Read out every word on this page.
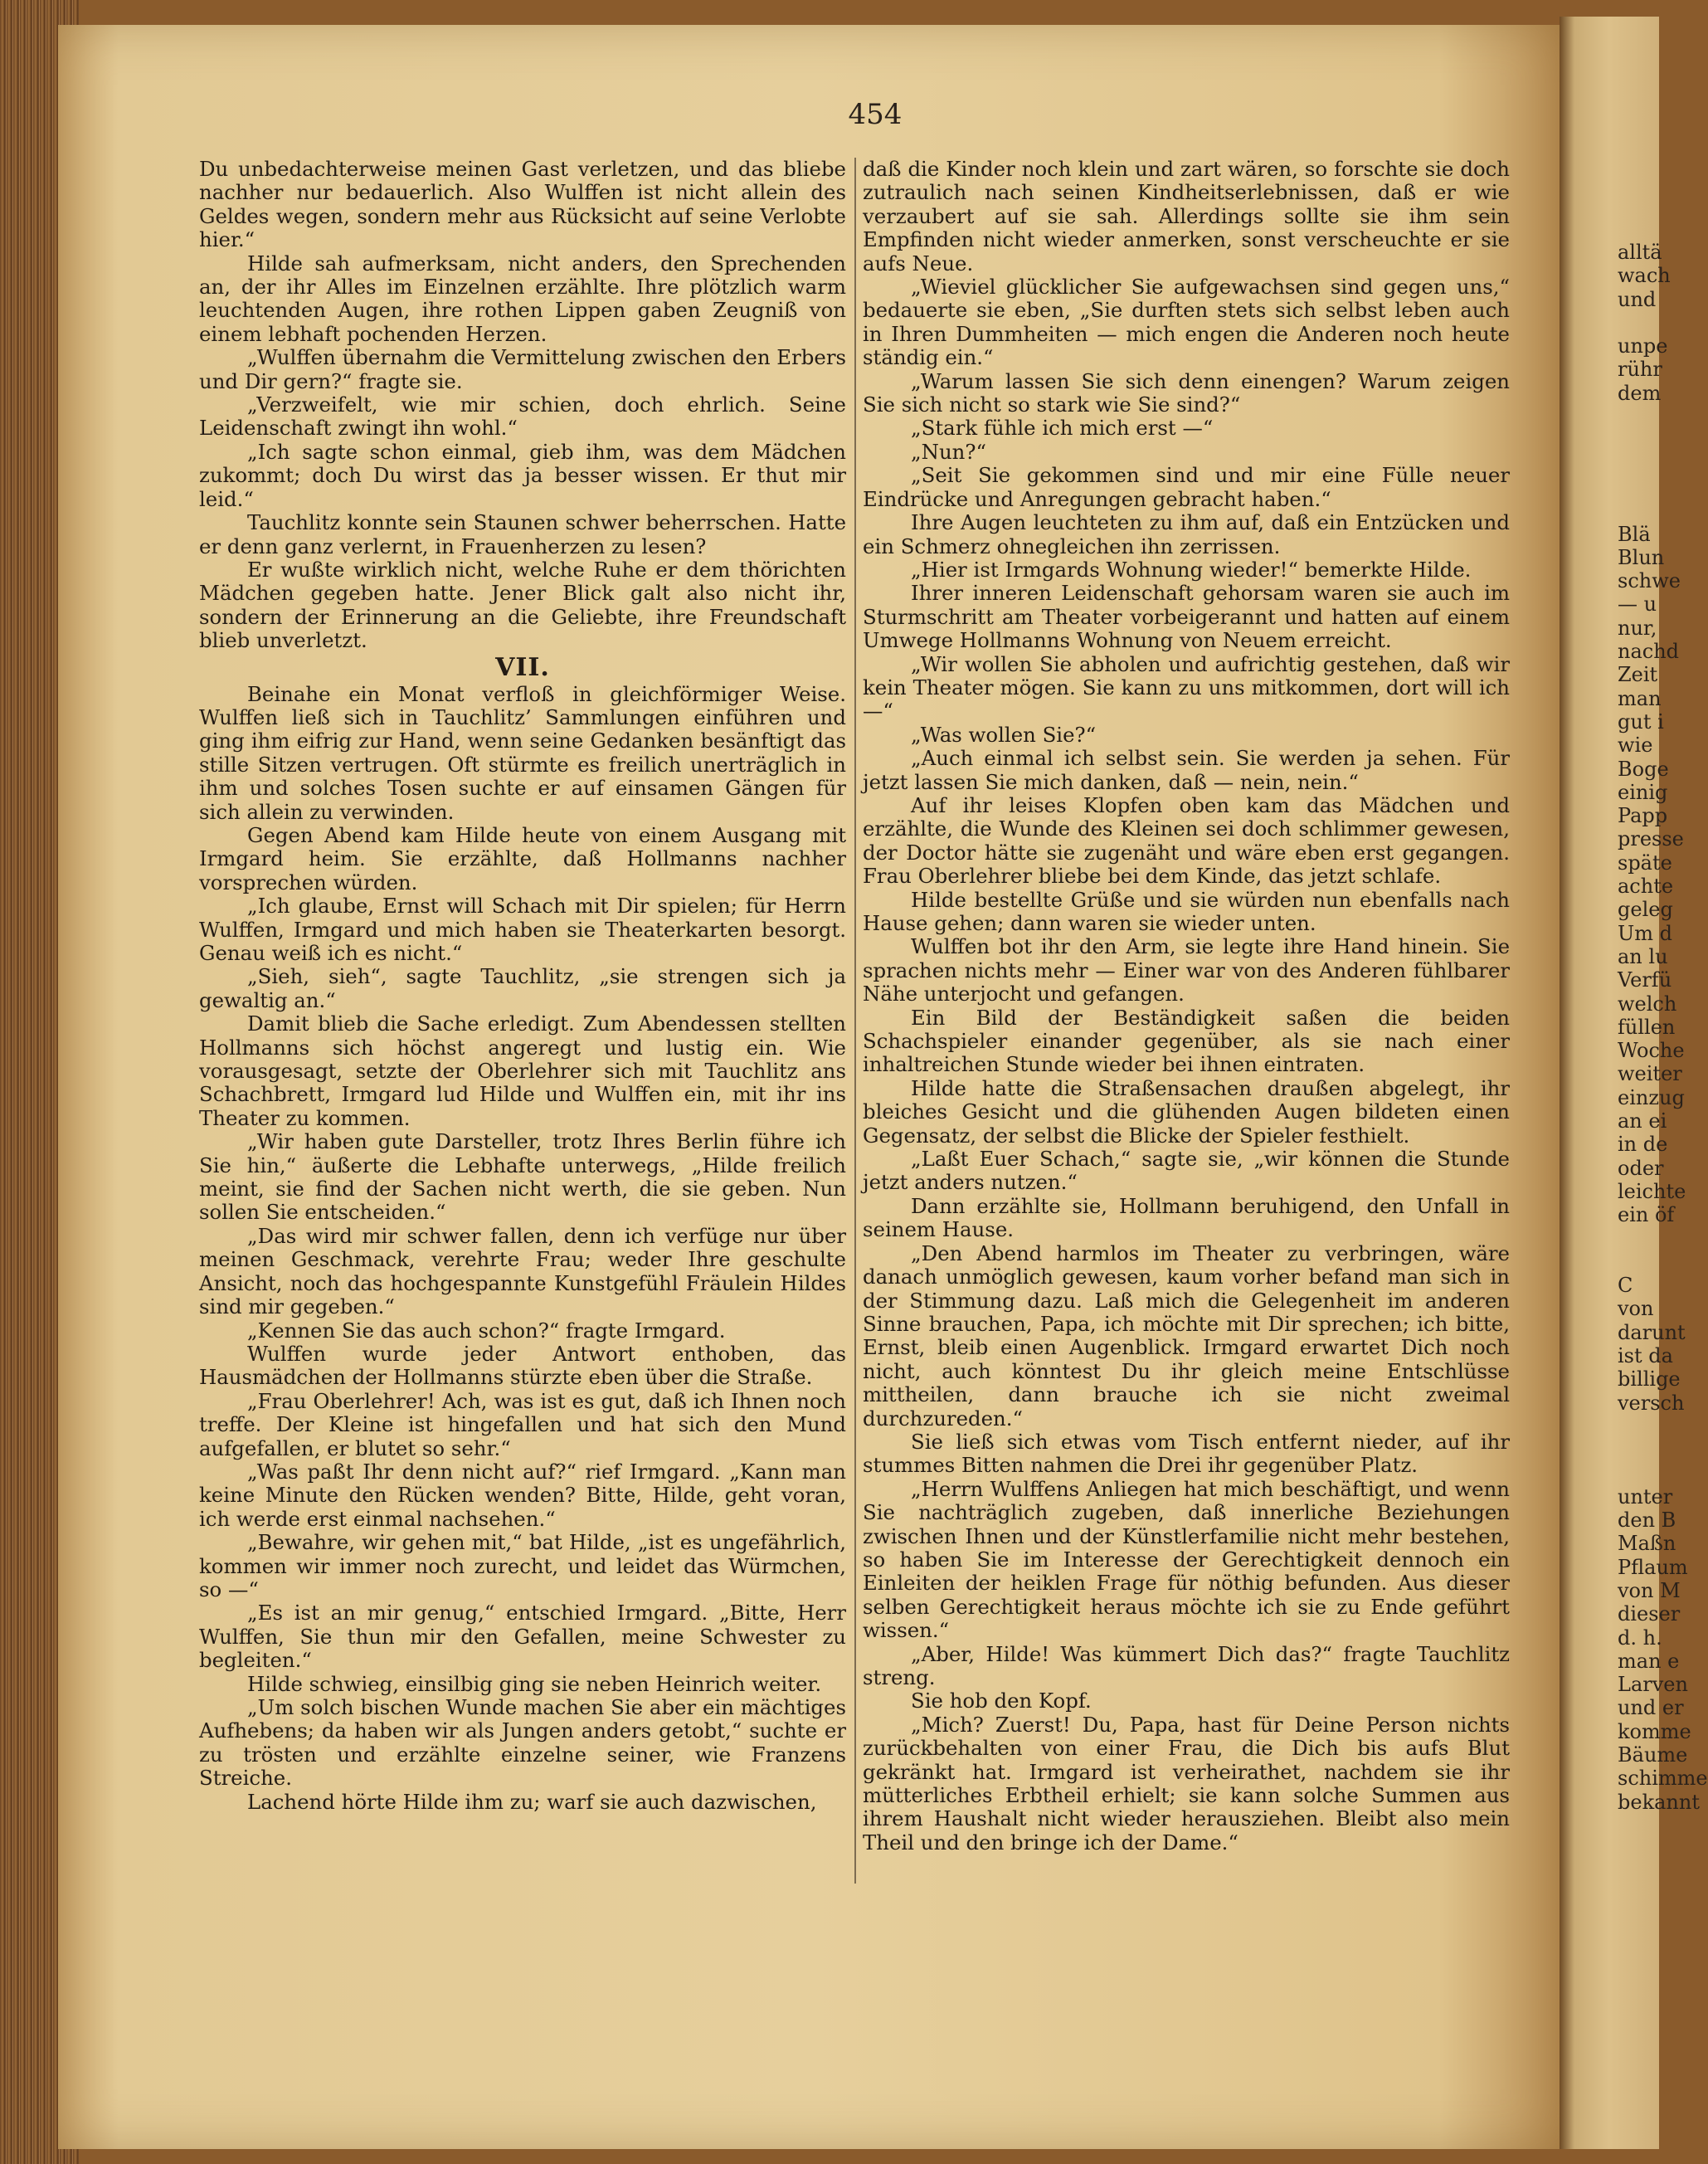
454

Du unbedachterweise meinen Gast verletzen, und das bliebe nachher nur bedauerlich. Also Wulffen ist nicht allein des Geldes wegen, sondern mehr aus Rücksicht auf seine Verlobte hier.“

Hilde sah aufmerksam, nicht anders, den Sprechenden an, der ihr Alles im Einzelnen erzählte. Ihre plötzlich warm leuchtenden Augen, ihre rothen Lippen gaben Zeugniß von einem lebhaft pochenden Herzen.

„Wulffen übernahm die Vermittelung zwischen den Erbers und Dir gern?“ fragte sie.

„Verzweifelt, wie mir schien, doch ehrlich. Seine Leidenschaft zwingt ihn wohl.“

„Ich sagte schon einmal, gieb ihm, was dem Mädchen zukommt; doch Du wirst das ja besser wissen. Er thut mir leid.“

Tauchlitz konnte sein Staunen schwer beherrschen. Hatte er denn ganz verlernt, in Frauenherzen zu lesen?

Er wußte wirklich nicht, welche Ruhe er dem thörichten Mädchen gegeben hatte. Jener Blick galt also nicht ihr, sondern der Erinnerung an die Geliebte, ihre Freundschaft blieb unverletzt.

VII.

Beinahe ein Monat verfloß in gleichförmiger Weise. Wulffen ließ sich in Tauchlitz’ Sammlungen einführen und ging ihm eifrig zur Hand, wenn seine Gedanken besänftigt das stille Sitzen vertrugen. Oft stürmte es freilich unerträglich in ihm und solches Tosen suchte er auf einsamen Gängen für sich allein zu verwinden.

Gegen Abend kam Hilde heute von einem Ausgang mit Irmgard heim. Sie erzählte, daß Hollmanns nachher vorsprechen würden.

„Ich glaube, Ernst will Schach mit Dir spielen; für Herrn Wulffen, Irmgard und mich haben sie Theaterkarten besorgt. Genau weiß ich es nicht.“

„Sieh, sieh“, sagte Tauchlitz, „sie strengen sich ja gewaltig an.“

Damit blieb die Sache erledigt. Zum Abendessen stellten Hollmanns sich höchst angeregt und lustig ein. Wie vorausgesagt, setzte der Oberlehrer sich mit Tauchlitz ans Schachbrett, Irmgard lud Hilde und Wulffen ein, mit ihr ins Theater zu kommen.

„Wir haben gute Darsteller, trotz Ihres Berlin führe ich Sie hin,“ äußerte die Lebhafte unterwegs, „Hilde freilich meint, sie find der Sachen nicht werth, die sie geben. Nun sollen Sie entscheiden.“

„Das wird mir schwer fallen, denn ich verfüge nur über meinen Geschmack, verehrte Frau; weder Ihre geschulte Ansicht, noch das hochgespannte Kunstgefühl Fräulein Hildes sind mir gegeben.“

„Kennen Sie das auch schon?“ fragte Irmgard.

Wulffen wurde jeder Antwort enthoben, das Hausmädchen der Hollmanns stürzte eben über die Straße.

„Frau Oberlehrer! Ach, was ist es gut, daß ich Ihnen noch treffe. Der Kleine ist hingefallen und hat sich den Mund aufgefallen, er blutet so sehr.“

„Was paßt Ihr denn nicht auf?“ rief Irmgard. „Kann man keine Minute den Rücken wenden? Bitte, Hilde, geht voran, ich werde erst einmal nachsehen.“

„Bewahre, wir gehen mit,“ bat Hilde, „ist es ungefährlich, kommen wir immer noch zurecht, und leidet das Würmchen, so —“

„Es ist an mir genug,“ entschied Irmgard. „Bitte, Herr Wulffen, Sie thun mir den Gefallen, meine Schwester zu begleiten.“

Hilde schwieg, einsilbig ging sie neben Heinrich weiter.

„Um solch bischen Wunde machen Sie aber ein mächtiges Aufhebens; da haben wir als Jungen anders getobt,“ suchte er zu trösten und erzählte einzelne seiner, wie Franzens Streiche.

Lachend hörte Hilde ihm zu; warf sie auch dazwischen,

daß die Kinder noch klein und zart wären, so forschte sie doch zutraulich nach seinen Kindheitserlebnissen, daß er wie verzaubert auf sie sah. Allerdings sollte sie ihm sein Empfinden nicht wieder anmerken, sonst verscheuchte er sie aufs Neue.

„Wieviel glücklicher Sie aufgewachsen sind gegen uns,“ bedauerte sie eben, „Sie durften stets sich selbst leben auch in Ihren Dummheiten — mich engen die Anderen noch heute ständig ein.“

„Warum lassen Sie sich denn einengen? Warum zeigen Sie sich nicht so stark wie Sie sind?“

„Stark fühle ich mich erst —“

„Nun?“

„Seit Sie gekommen sind und mir eine Fülle neuer Eindrücke und Anregungen gebracht haben.“

Ihre Augen leuchteten zu ihm auf, daß ein Entzücken und ein Schmerz ohnegleichen ihn zerrissen.

„Hier ist Irmgards Wohnung wieder!“ bemerkte Hilde.

Ihrer inneren Leidenschaft gehorsam waren sie auch im Sturmschritt am Theater vorbeigerannt und hatten auf einem Umwege Hollmanns Wohnung von Neuem erreicht.

„Wir wollen Sie abholen und aufrichtig gestehen, daß wir kein Theater mögen. Sie kann zu uns mitkommen, dort will ich —“

„Was wollen Sie?“

„Auch einmal ich selbst sein. Sie werden ja sehen. Für jetzt lassen Sie mich danken, daß — nein, nein.“

Auf ihr leises Klopfen oben kam das Mädchen und erzählte, die Wunde des Kleinen sei doch schlimmer gewesen, der Doctor hätte sie zugenäht und wäre eben erst gegangen. Frau Oberlehrer bliebe bei dem Kinde, das jetzt schlafe.

Hilde bestellte Grüße und sie würden nun ebenfalls nach Hause gehen; dann waren sie wieder unten.

Wulffen bot ihr den Arm, sie legte ihre Hand hinein. Sie sprachen nichts mehr — Einer war von des Anderen fühlbarer Nähe unterjocht und gefangen.

Ein Bild der Beständigkeit saßen die beiden Schachspieler einander gegenüber, als sie nach einer inhaltreichen Stunde wieder bei ihnen eintraten.

Hilde hatte die Straßensachen draußen abgelegt, ihr bleiches Gesicht und die glühenden Augen bildeten einen Gegensatz, der selbst die Blicke der Spieler festhielt.

„Laßt Euer Schach,“ sagte sie, „wir können die Stunde jetzt anders nutzen.“

Dann erzählte sie, Hollmann beruhigend, den Unfall in seinem Hause.

„Den Abend harmlos im Theater zu verbringen, wäre danach unmöglich gewesen, kaum vorher befand man sich in der Stimmung dazu. Laß mich die Gelegenheit im anderen Sinne brauchen, Papa, ich möchte mit Dir sprechen; ich bitte, Ernst, bleib einen Augenblick. Irmgard erwartet Dich noch nicht, auch könntest Du ihr gleich meine Entschlüsse mittheilen, dann brauche ich sie nicht zweimal durchzureden.“

Sie ließ sich etwas vom Tisch entfernt nieder, auf ihr stummes Bitten nahmen die Drei ihr gegenüber Platz.

„Herrn Wulffens Anliegen hat mich beschäftigt, und wenn Sie nachträglich zugeben, daß innerliche Beziehungen zwischen Ihnen und der Künstlerfamilie nicht mehr bestehen, so haben Sie im Interesse der Gerechtigkeit dennoch ein Einleiten der heiklen Frage für nöthig befunden. Aus dieser selben Gerechtigkeit heraus möchte ich sie zu Ende geführt wissen.“

„Aber, Hilde! Was kümmert Dich das?“ fragte Tauchlitz streng.

Sie hob den Kopf.

„Mich? Zuerst! Du, Papa, hast für Deine Person nichts zurückbehalten von einer Frau, die Dich bis aufs Blut gekränkt hat. Irmgard ist verheirathet, nachdem sie ihr mütterliches Erbtheil erhielt; sie kann solche Summen aus ihrem Haushalt nicht wieder herausziehen. Bleibt also mein Theil und den bringe ich der Dame.“

alltä
wach
und
unpe
rühr
dem
Blä
Blun
schwe
— u
nur,
nachd
Zeit
man
gut i
wie
Boge
einig
Papp
presse
späte
achte
geleg
Um d
an lu
Verfü
welch
füllen
Woche
weiter
einzug
an ei
in de
oder
leichte
ein öf
C
von
darunt
ist da
billige
versch
unter
den B
Maßn
Pflaum
von M
dieser
d. h.
man e
Larven
und er
komme
Bäume
schimme
bekannt
